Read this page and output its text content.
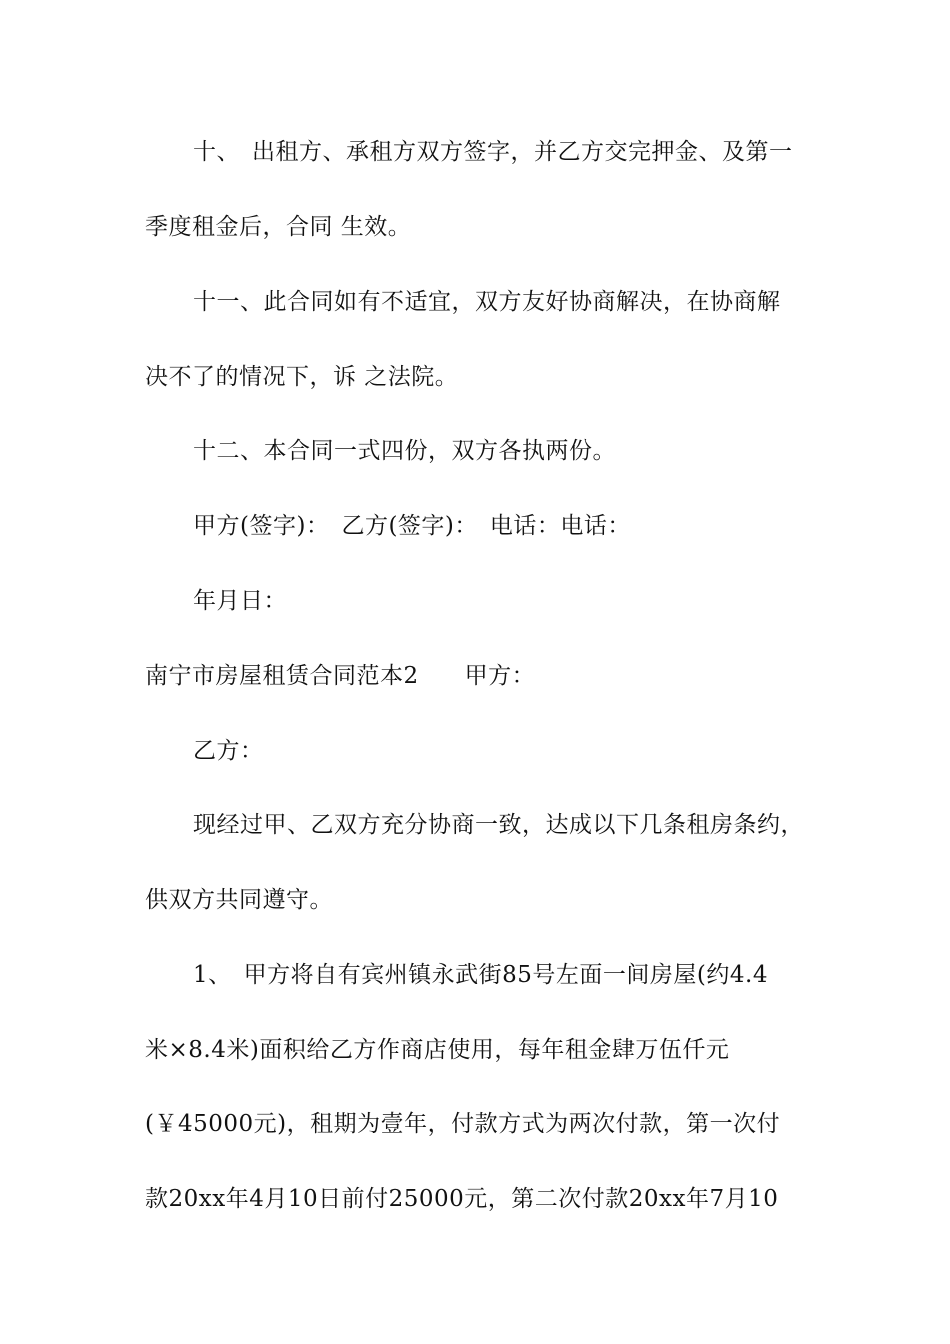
十、　出租方、承租方双方签字，并乙方交完押金、及第一
季度租金后，合同 生效。
十一、此合同如有不适宜，双方友好协商解决，在协商解
决不了的情况下，诉 之法院。
十二、本合同一式四份，双方各执两份。
甲方(签字)：　乙方(签字)：　电话：电话：
年月日：
南宁市房屋租赁合同范本2 甲方：
乙方：
现经过甲、乙双方充分协商一致，达成以下几条租房条约，
供双方共同遵守。
1、　甲方将自有宾州镇永武街85号左面一间房屋(约4.4
米×8.4米)面积给乙方作商店使用，每年租金肆万伍仟元
(￥45000元)，租期为壹年，付款方式为两次付款，第一次付
款20xx年4月10日前付25000元，第二次付款20xx年7月10
